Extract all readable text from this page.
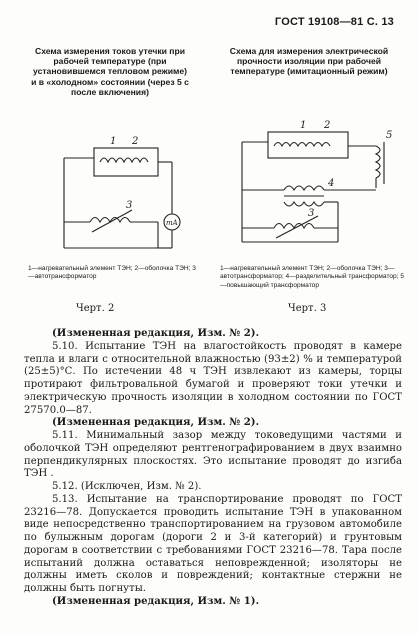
ГОСТ 19108—81 С. 13
Схема измерения токов утечки при рабочей температуре (при установившемся тепловом режиме) и в «холодном» состоянии (через 5 с после включения)
Схема для измерения электрической прочности изоляции при рабочей температуре (имитационный режим)
1 2
3
mA
1 2
3
4
5
1—нагревательный элемент ТЭН; 2—оболочка ТЭН; 3—автотрансформатор
1—нагревательный элемент ТЭН; 2—оболочка ТЭН; 3—автотрансформатор; 4—разделительный трансформатор; 5—повышающий трансформатор
Черт. 2	Черт. 3

(Измененная редакция, Изм. № 2).

5.10. Испытание ТЭН на влагостойкость проводят в камере тепла и влаги с относительной влажностью (93±2) % и температурой (25±5)°С. По истечении 48 ч ТЭН извлекают из камеры, торцы протирают фильтровальной бумагой и проверяют токи утечки и электрическую прочность изоляции в холодном состоянии по ГОСТ 27570.0—87.

(Измененная редакция, Изм. № 2).

5.11. Минимальный зазор между токоведущими частями и оболочкой ТЭН определяют рентгенографированием в двух взаимно перпендикулярных плоскостях. Это испытание проводят до изгиба ТЭН .

5.12. (Исключен, Изм. № 2).

5.13. Испытание на транспортирование проводят по ГОСТ 23216—78. Допускается проводить испытание ТЭН в упакованном виде непосредственно транспортированием на грузовом автомобиле по булыжным дорогам (дороги 2 и 3-й категорий) и грунтовым дорогам в соответствии с требованиями ГОСТ 23216—78. Тара после испытаний должна оставаться неповрежденной; изоляторы не должны иметь сколов и повреждений; контактные стержни не должны быть погнуты.

(Измененная редакция, Изм. № 1).
